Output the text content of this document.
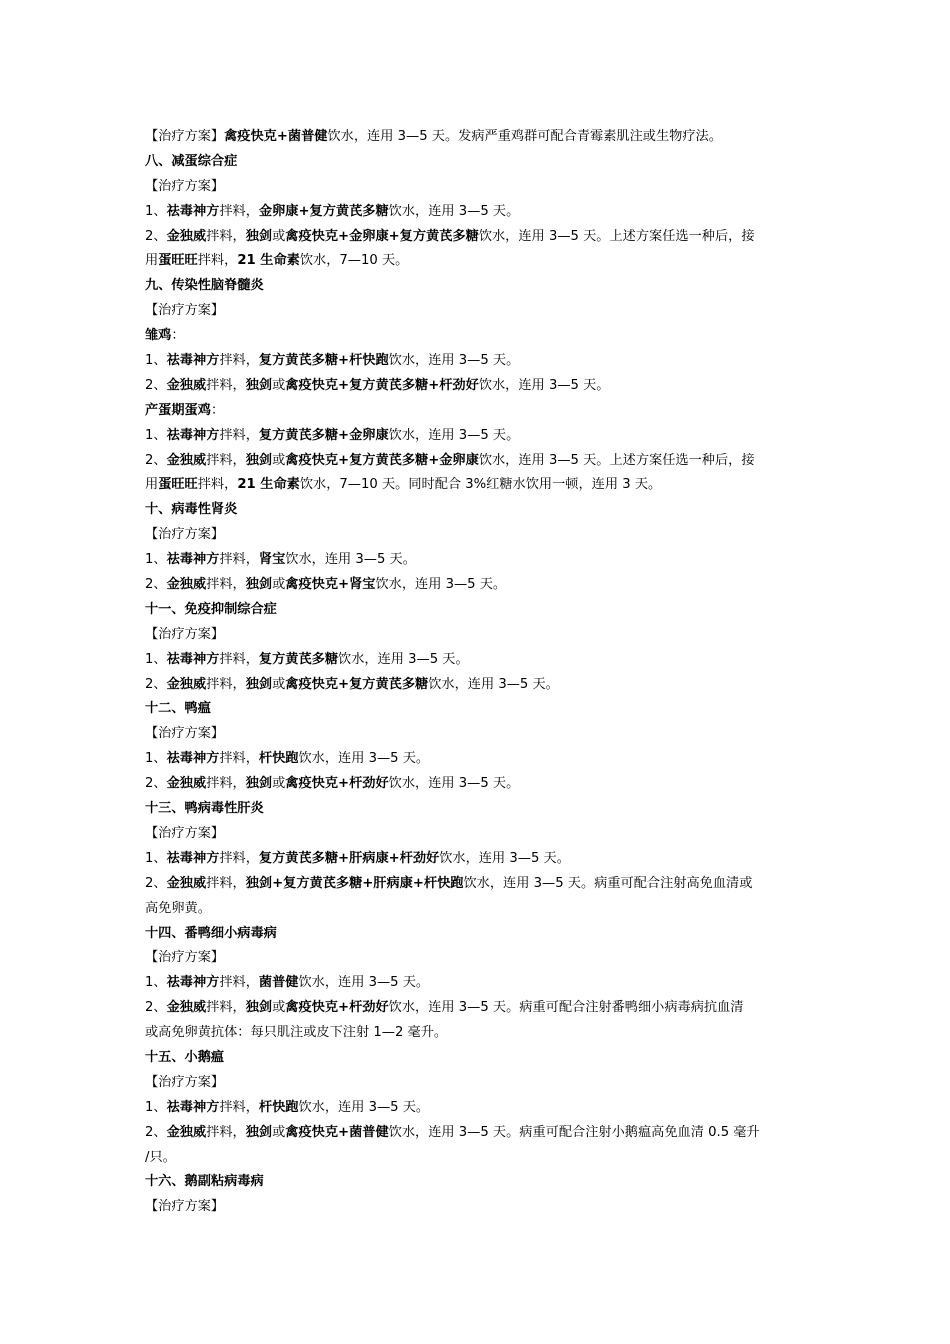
【治疗方案】禽疫快克+菌普健饮水，连用 3—5 天。发病严重鸡群可配合青霉素肌注或生物疗法。
八、减蛋综合症
【治疗方案】
1、祛毒神方拌料，金卵康+复方黄芪多糖饮水，连用 3—5 天。
2、金独威拌料，独剑或禽疫快克+金卵康+复方黄芪多糖饮水，连用 3—5 天。上述方案任选一种后，接
用蛋旺旺拌料，21 生命素饮水，7—10 天。
九、传染性脑脊髓炎
【治疗方案】
雏鸡：
1、祛毒神方拌料，复方黄芪多糖+杆快跑饮水，连用 3—5 天。
2、金独威拌料，独剑或禽疫快克+复方黄芪多糖+杆劲好饮水，连用 3—5 天。
产蛋期蛋鸡：
1、祛毒神方拌料，复方黄芪多糖+金卵康饮水，连用 3—5 天。
2、金独威拌料，独剑或禽疫快克+复方黄芪多糖+金卵康饮水，连用 3—5 天。上述方案任选一种后，接
用蛋旺旺拌料，21 生命素饮水，7—10 天。同时配合 3%红糖水饮用一顿，连用 3 天。
十、病毒性肾炎
【治疗方案】
1、祛毒神方拌料，肾宝饮水，连用 3—5 天。
2、金独威拌料，独剑或禽疫快克+肾宝饮水，连用 3—5 天。
十一、免疫抑制综合症
【治疗方案】
1、祛毒神方拌料，复方黄芪多糖饮水，连用 3—5 天。
2、金独威拌料，独剑或禽疫快克+复方黄芪多糖饮水，连用 3—5 天。
十二、鸭瘟
【治疗方案】
1、祛毒神方拌料，杆快跑饮水，连用 3—5 天。
2、金独威拌料，独剑或禽疫快克+杆劲好饮水，连用 3—5 天。
十三、鸭病毒性肝炎
【治疗方案】
1、祛毒神方拌料，复方黄芪多糖+肝病康+杆劲好饮水，连用 3—5 天。
2、金独威拌料，独剑+复方黄芪多糖+肝病康+杆快跑饮水，连用 3—5 天。病重可配合注射高免血清或
高免卵黄。
十四、番鸭细小病毒病
【治疗方案】
1、祛毒神方拌料，菌普健饮水，连用 3—5 天。
2、金独威拌料，独剑或禽疫快克+杆劲好饮水，连用 3—5 天。病重可配合注射番鸭细小病毒病抗血清
或高免卵黄抗体：每只肌注或皮下注射 1—2 毫升。
十五、小鹅瘟
【治疗方案】
1、祛毒神方拌料，杆快跑饮水，连用 3—5 天。
2、金独威拌料，独剑或禽疫快克+菌普健饮水，连用 3—5 天。病重可配合注射小鹅瘟高免血清 0.5 毫升
/只。
十六、鹅副粘病毒病
【治疗方案】
